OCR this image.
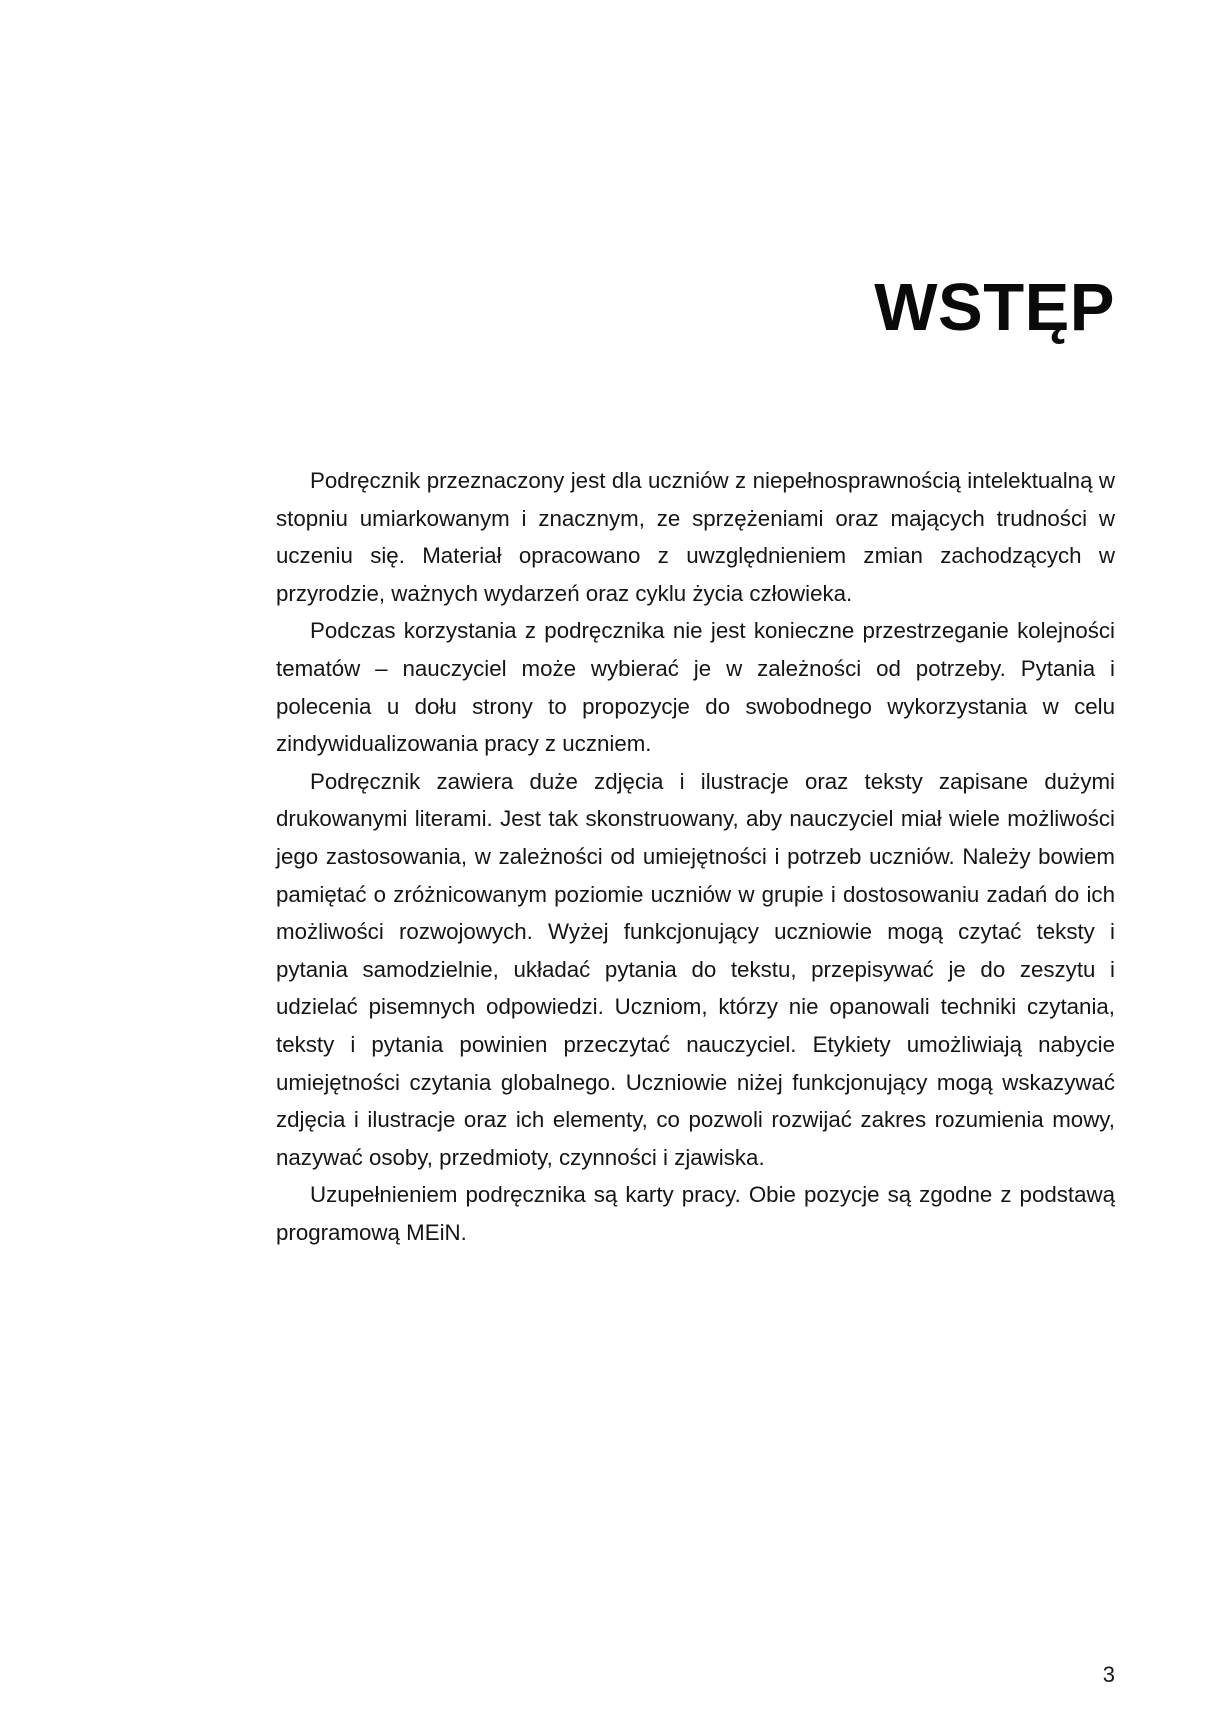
WSTĘP

Podręcznik przeznaczony jest dla uczniów z niepełnosprawnością intelektualną w stopniu umiarkowanym i znacznym, ze sprzężeniami oraz mających trudności w uczeniu się. Materiał opracowano z uwzględnieniem zmian zachodzących w przyrodzie, ważnych wydarzeń oraz cyklu życia człowieka.

Podczas korzystania z podręcznika nie jest konieczne przestrzeganie kolejności tematów – nauczyciel może wybierać je w zależności od potrzeby. Pytania i polecenia u dołu strony to propozycje do swobodnego wykorzystania w celu zindywidualizowania pracy z uczniem.

Podręcznik zawiera duże zdjęcia i ilustracje oraz teksty zapisane dużymi drukowanymi literami. Jest tak skonstruowany, aby nauczyciel miał wiele możliwości jego zastosowania, w zależności od umiejętności i potrzeb uczniów. Należy bowiem pamiętać o zróżnicowanym poziomie uczniów w grupie i dostosowaniu zadań do ich możliwości rozwojowych. Wyżej funkcjonujący uczniowie mogą czytać teksty i pytania samodzielnie, układać pytania do tekstu, przepisywać je do zeszytu i udzielać pisemnych odpowiedzi. Uczniom, którzy nie opanowali techniki czytania, teksty i pytania powinien przeczytać nauczyciel. Etykiety umożliwiają nabycie umiejętności czytania globalnego. Uczniowie niżej funkcjonujący mogą wskazywać zdjęcia i ilustracje oraz ich elementy, co pozwoli rozwijać zakres rozumienia mowy, nazywać osoby, przedmioty, czynności i zjawiska.

Uzupełnieniem podręcznika są karty pracy. Obie pozycje są zgodne z podstawą programową MEiN.

3
